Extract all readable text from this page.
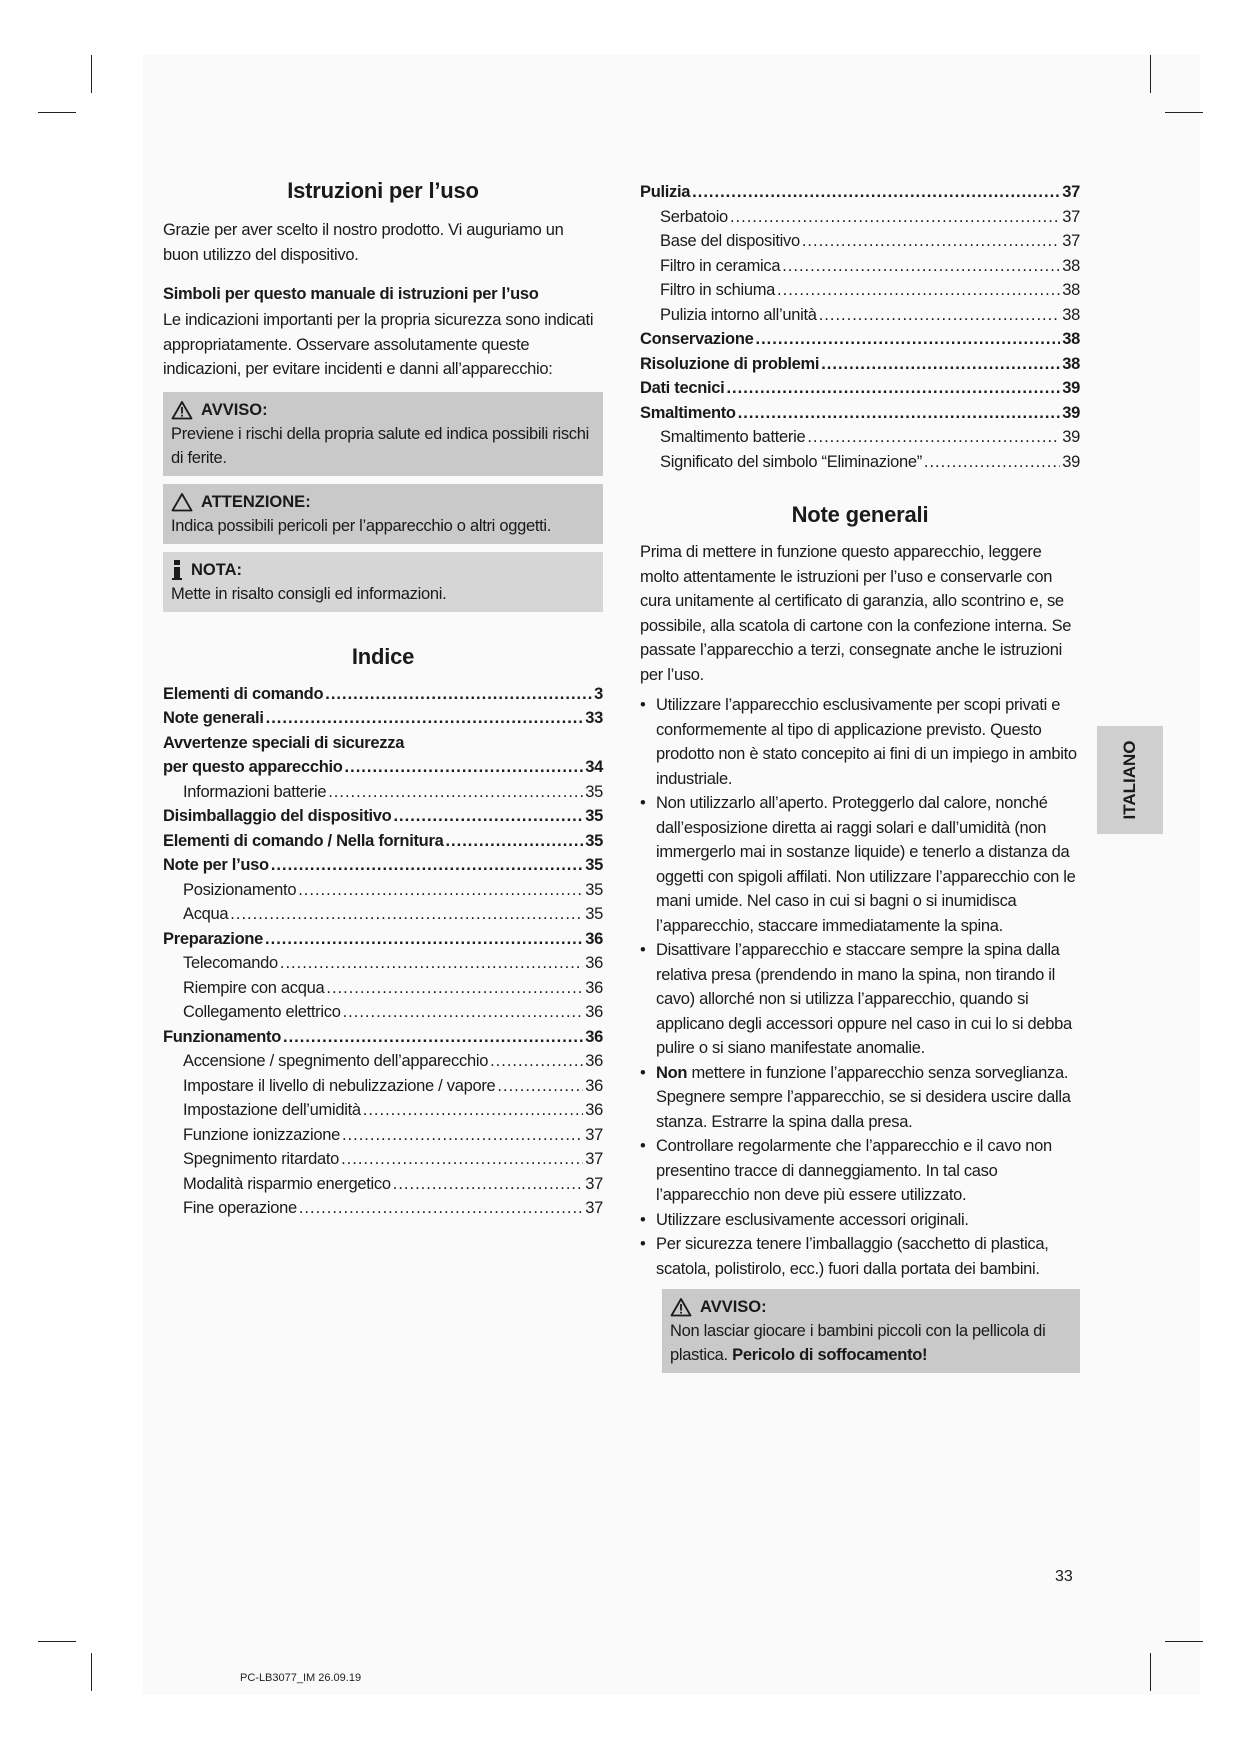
Istruzioni per l’uso

Grazie per aver scelto il nostro prodotto. Vi auguriamo un buon utilizzo del dispositivo.

Simboli per questo manuale di istruzioni per l’uso

Le indicazioni importanti per la propria sicurezza sono indicati appropriatamente. Osservare assolutamente queste indicazioni, per evitare incidenti e danni all’apparecchio:

AVVISO:

Previene i rischi della propria salute ed indica possibili rischi di ferite.

ATTENZIONE:

Indica possibili pericoli per l’apparecchio o altri oggetti.

NOTA:

Mette in risalto consigli ed informazioni.

Indice
Elementi di comando .....	3
Note generali .....	33
Avvertenze speciali di sicurezza
per questo apparecchio .....	34
Informazioni batterie .....	35
Disimballaggio del dispositivo .....	35
Elementi di comando / Nella fornitura .....	35
Note per l’uso .....	35
Posizionamento .....	35
Acqua .....	35
Preparazione .....	36
Telecomando .....	36
Riempire con acqua .....	36
Collegamento elettrico .....	36
Funzionamento .....	36
Accensione / spegnimento dell’apparecchio .....	36
Impostare il livello di nebulizzazione / vapore .....	36
Impostazione dell’umidità .....	36
Funzione ionizzazione .....	37
Spegnimento ritardato .....	37
Modalità risparmio energetico .....	37
Fine operazione .....	37
Pulizia .....	37
Serbatoio .....	37
Base del dispositivo .....	37
Filtro in ceramica .....	38
Filtro in schiuma .....	38
Pulizia intorno all’unità .....	38
Conservazione .....	38
Risoluzione di problemi .....	38
Dati tecnici .....	39
Smaltimento .....	39
Smaltimento batterie .....	39
Significato del simbolo “Eliminazione” .....	39
Note generali

Prima di mettere in funzione questo apparecchio, leggere molto attentamente le istruzioni per l’uso e conservarle con cura unitamente al certificato di garanzia, allo scontrino e, se possibile, alla scatola di cartone con la confezione interna. Se passate l’apparecchio a terzi, consegnate anche le istruzioni per l’uso.

• Utilizzare l’apparecchio esclusivamente per scopi privati e conformemente al tipo di applicazione previsto. Questo prodotto non è stato concepito ai fini di un impiego in ambito industriale.
• Non utilizzarlo all’aperto. Proteggerlo dal calore, nonché dall’esposizione diretta ai raggi solari e dall’umidità (non immergerlo mai in sostanze liquide) e tenerlo a distanza da oggetti con spigoli affilati. Non utilizzare l’apparecchio con le mani umide. Nel caso in cui si bagni o si inumidisca l’apparecchio, staccare immediatamente la spina.
• Disattivare l’apparecchio e staccare sempre la spina dalla relativa presa (prendendo in mano la spina, non tirando il cavo) allorché non si utilizza l’apparecchio, quando si applicano degli accessori oppure nel caso in cui lo si debba pulire o si siano manifestate anomalie.
• Non mettere in funzione l’apparecchio senza sorveglianza. Spegnere sempre l’apparecchio, se si desidera uscire dalla stanza. Estrarre la spina dalla presa.
• Controllare regolarmente che l’apparecchio e il cavo non presentino tracce di danneggiamento. In tal caso l’apparecchio non deve più essere utilizzato.
• Utilizzare esclusivamente accessori originali.
• Per sicurezza tenere l’imballaggio (sacchetto di plastica, scatola, polistirolo, ecc.) fuori dalla portata dei bambini.
AVVISO:

Non lasciar giocare i bambini piccoli con la pellicola di plastica. Pericolo di soffocamento!

ITALIANO
33
PC-LB3077_IM 26.09.19
